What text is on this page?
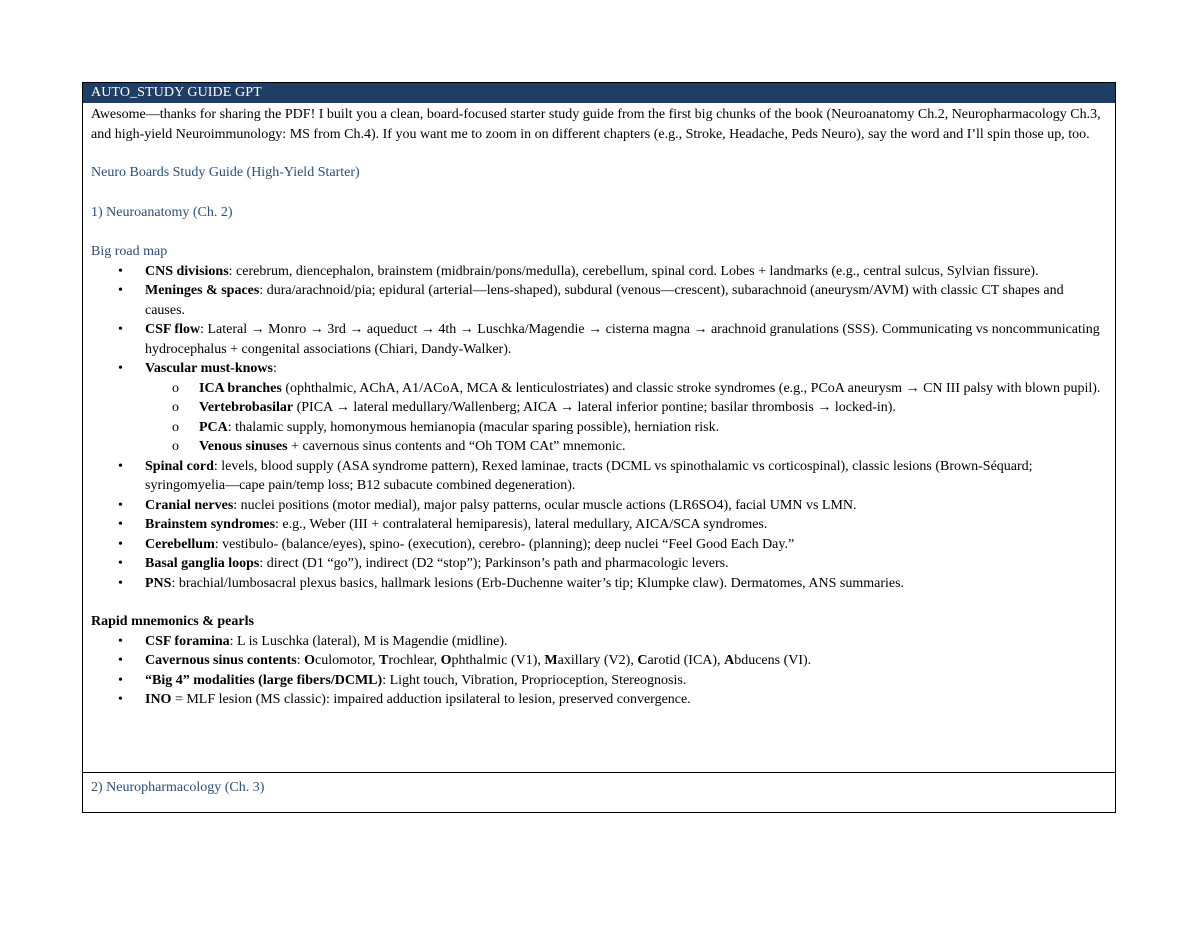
AUTO_STUDY GUIDE GPT

Awesome—thanks for sharing the PDF! I built you a clean, board-focused starter study guide from the first big chunks of the book (Neuroanatomy Ch.2, Neuropharmacology Ch.3, and high-yield Neuroimmunology: MS from Ch.4). If you want me to zoom in on different chapters (e.g., Stroke, Headache, Peds Neuro), say the word and I’ll spin those up, too.

Neuro Boards Study Guide (High-Yield Starter)

1) Neuroanatomy (Ch. 2)

Big road map

• CNS divisions: cerebrum, diencephalon, brainstem (midbrain/pons/medulla), cerebellum, spinal cord. Lobes + landmarks (e.g., central sulcus, Sylvian fissure).
• Meninges & spaces: dura/arachnoid/pia; epidural (arterial—lens-shaped), subdural (venous—crescent), subarachnoid (aneurysm/AVM) with classic CT shapes and causes.
• CSF flow: Lateral → Monro → 3rd → aqueduct → 4th → Luschka/Magendie → cisterna magna → arachnoid granulations (SSS). Communicating vs noncommunicating hydrocephalus + congenital associations (Chiari, Dandy-Walker).
• Vascular must-knows:
o ICA branches (ophthalmic, AChA, A1/ACoA, MCA & lenticulostriates) and classic stroke syndromes (e.g., PCoA aneurysm → CN III palsy with blown pupil).
o Vertebrobasilar (PICA → lateral medullary/Wallenberg; AICA → lateral inferior pontine; basilar thrombosis → locked-in).
o PCA: thalamic supply, homonymous hemianopia (macular sparing possible), herniation risk.
o Venous sinuses + cavernous sinus contents and “Oh TOM CAt” mnemonic.
• Spinal cord: levels, blood supply (ASA syndrome pattern), Rexed laminae, tracts (DCML vs spinothalamic vs corticospinal), classic lesions (Brown-Séquard; syringomyelia—cape pain/temp loss; B12 subacute combined degeneration).
• Cranial nerves: nuclei positions (motor medial), major palsy patterns, ocular muscle actions (LR6SO4), facial UMN vs LMN.
• Brainstem syndromes: e.g., Weber (III + contralateral hemiparesis), lateral medullary, AICA/SCA syndromes.
• Cerebellum: vestibulo- (balance/eyes), spino- (execution), cerebro- (planning); deep nuclei “Feel Good Each Day.”
• Basal ganglia loops: direct (D1 “go”), indirect (D2 “stop”); Parkinson’s path and pharmacologic levers.
• PNS: brachial/lumbosacral plexus basics, hallmark lesions (Erb-Duchenne waiter’s tip; Klumpke claw). Dermatomes, ANS summaries.

Rapid mnemonics & pearls

• CSF foramina: L is Luschka (lateral), M is Magendie (midline).
• Cavernous sinus contents: Oculomotor, Trochlear, Ophthalmic (V1), Maxillary (V2), Carotid (ICA), Abducens (VI).
• “Big 4” modalities (large fibers/DCML): Light touch, Vibration, Proprioception, Stereognosis.
• INO = MLF lesion (MS classic): impaired adduction ipsilateral to lesion, preserved convergence.
2) Neuropharmacology (Ch. 3)
